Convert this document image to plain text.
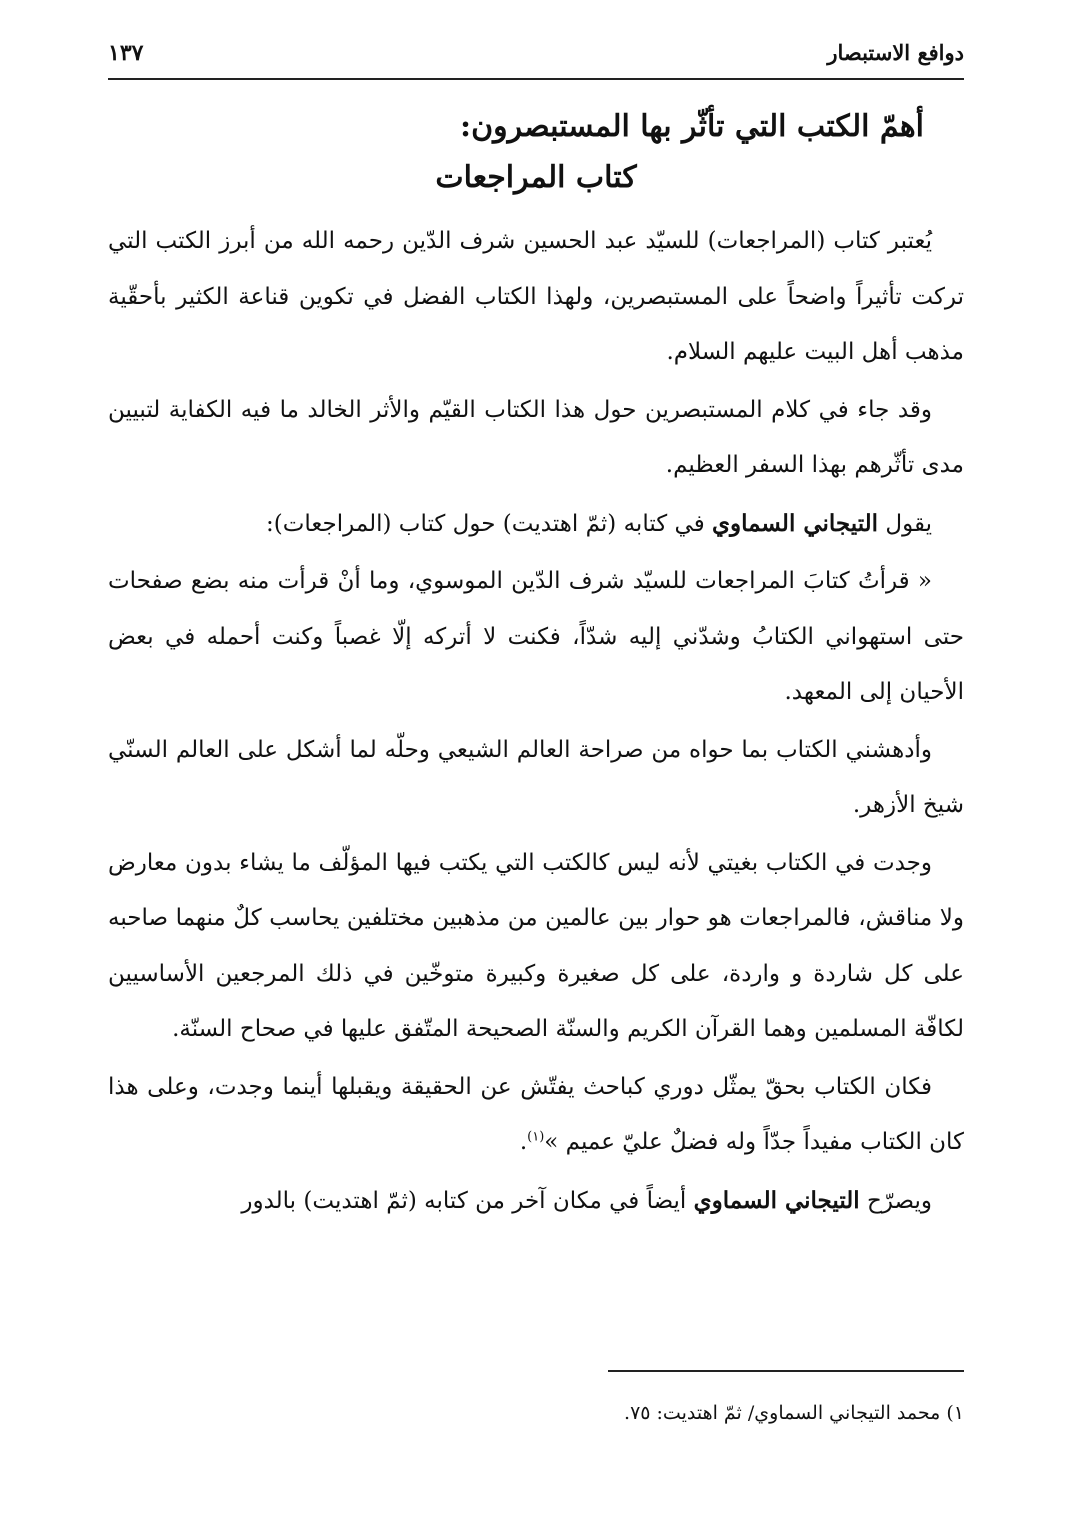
دوافع الاستبصار
١٣٧
أهمّ الكتب التي تأثّر بها المستبصرون:
كتاب المراجعات

يُعتبر كتاب (المراجعات) للسيّد عبد الحسين شرف الدّين رحمه الله من أبرز الكتب التي تركت تأثيراً واضحاً على المستبصرين، ولهذا الكتاب الفضل في تكوين قناعة الكثير بأحقّية مذهب أهل البيت عليهم السلام.

وقد جاء في كلام المستبصرين حول هذا الكتاب القيّم والأثر الخالد ما فيه الكفاية لتبيين مدى تأثّرهم بهذا السفر العظيم.

يقول التيجاني السماوي في كتابه (ثمّ اهتديت) حول كتاب (المراجعات):

« قرأتُ كتابَ المراجعات للسيّد شرف الدّين الموسوي، وما أنْ قرأت منه بضع صفحات حتى استهواني الكتابُ وشدّني إليه شدّاً، فكنت لا أتركه إلّا غصباً وكنت أحمله في بعض الأحيان إلى المعهد.

وأدهشني الكتاب بما حواه من صراحة العالم الشيعي وحلّه لما أشكل على العالم السنّي شيخ الأزهر.

وجدت في الكتاب بغيتي لأنه ليس كالكتب التي يكتب فيها المؤلّف ما يشاء بدون معارض ولا مناقش، فالمراجعات هو حوار بين عالمين من مذهبين مختلفين يحاسب كلٌ منهما صاحبه على كل شاردة و واردة، على كل صغيرة وكبيرة متوخّين في ذلك المرجعين الأساسيين لكافّة المسلمين وهما القرآن الكريم والسنّة الصحيحة المتّفق عليها في صحاح السنّة.

فكان الكتاب بحقّ يمثّل دوري كباحث يفتّش عن الحقيقة ويقبلها أينما وجدت، وعلى هذا كان الكتاب مفيداً جدّاً وله فضلٌ عليّ عميم »$^{(١)}$.

ويصرّح التيجاني السماوي أيضاً في مكان آخر من كتابه (ثمّ اهتديت) بالدور

١) محمد التيجاني السماوي/ ثمّ اهتديت: ٧٥.
